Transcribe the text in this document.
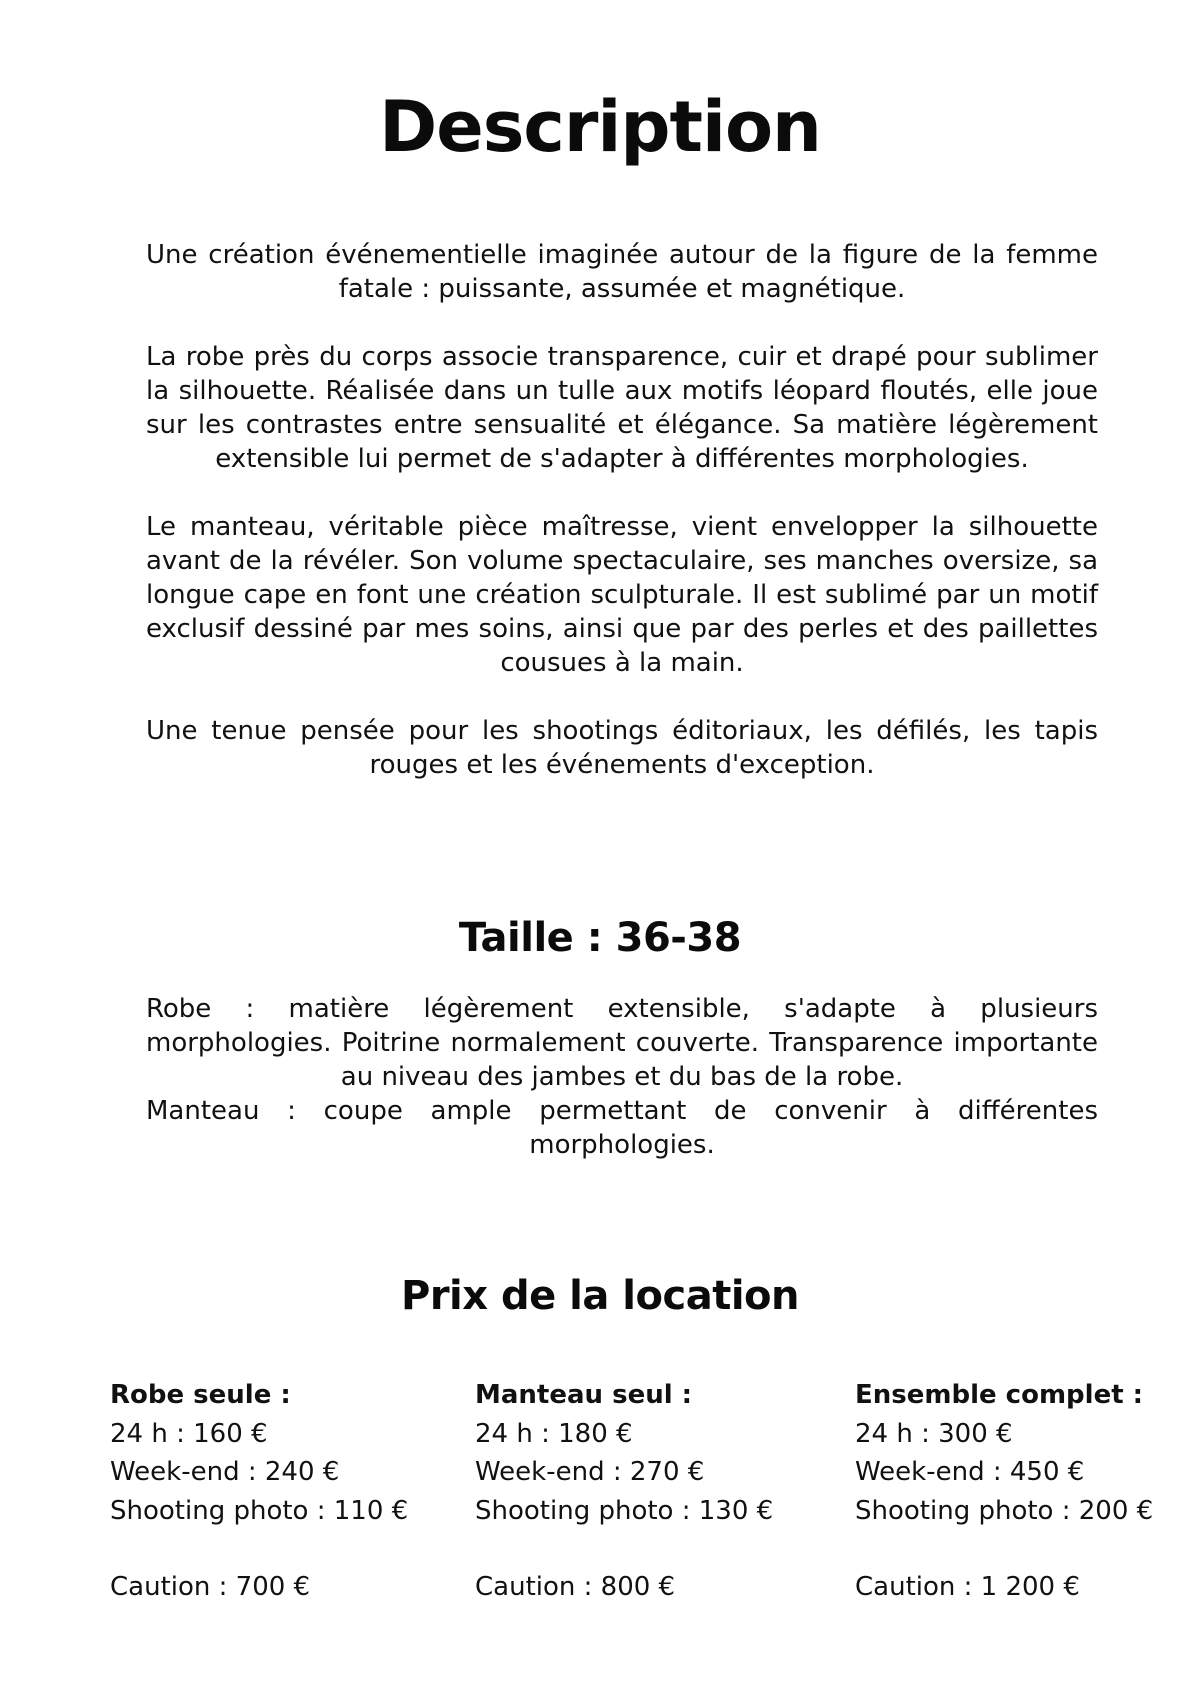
Description

Une création événementielle imaginée autour de la figure de la femme fatale : puissante, assumée et magnétique.

La robe près du corps associe transparence, cuir et drapé pour sublimer la silhouette. Réalisée dans un tulle aux motifs léopard floutés, elle joue sur les contrastes entre sensualité et élégance. Sa matière légèrement extensible lui permet de s'adapter à différentes morphologies.

Le manteau, véritable pièce maîtresse, vient envelopper la silhouette avant de la révéler. Son volume spectaculaire, ses manches oversize, sa longue cape en font une création sculpturale. Il est sublimé par un motif exclusif dessiné par mes soins, ainsi que par des perles et des paillettes cousues à la main.

Une tenue pensée pour les shootings éditoriaux, les défilés, les tapis rouges et les événements d'exception.

Taille : 36-38
Robe : matière légèrement extensible, s'adapte à plusieurs morphologies. Poitrine normalement couverte. Transparence importante au niveau des jambes et du bas de la robe.
Manteau : coupe ample permettant de convenir à différentes morphologies.
Prix de la location
Robe seule :
24 h : 160 €
Week-end : 240 €
Shooting photo : 110 €
Caution : 700 €
Manteau seul :
24 h : 180 €
Week-end : 270 €
Shooting photo : 130 €
Caution : 800 €
Ensemble complet :
24 h : 300 €
Week-end : 450 €
Shooting photo : 200 €
Caution : 1 200 €
